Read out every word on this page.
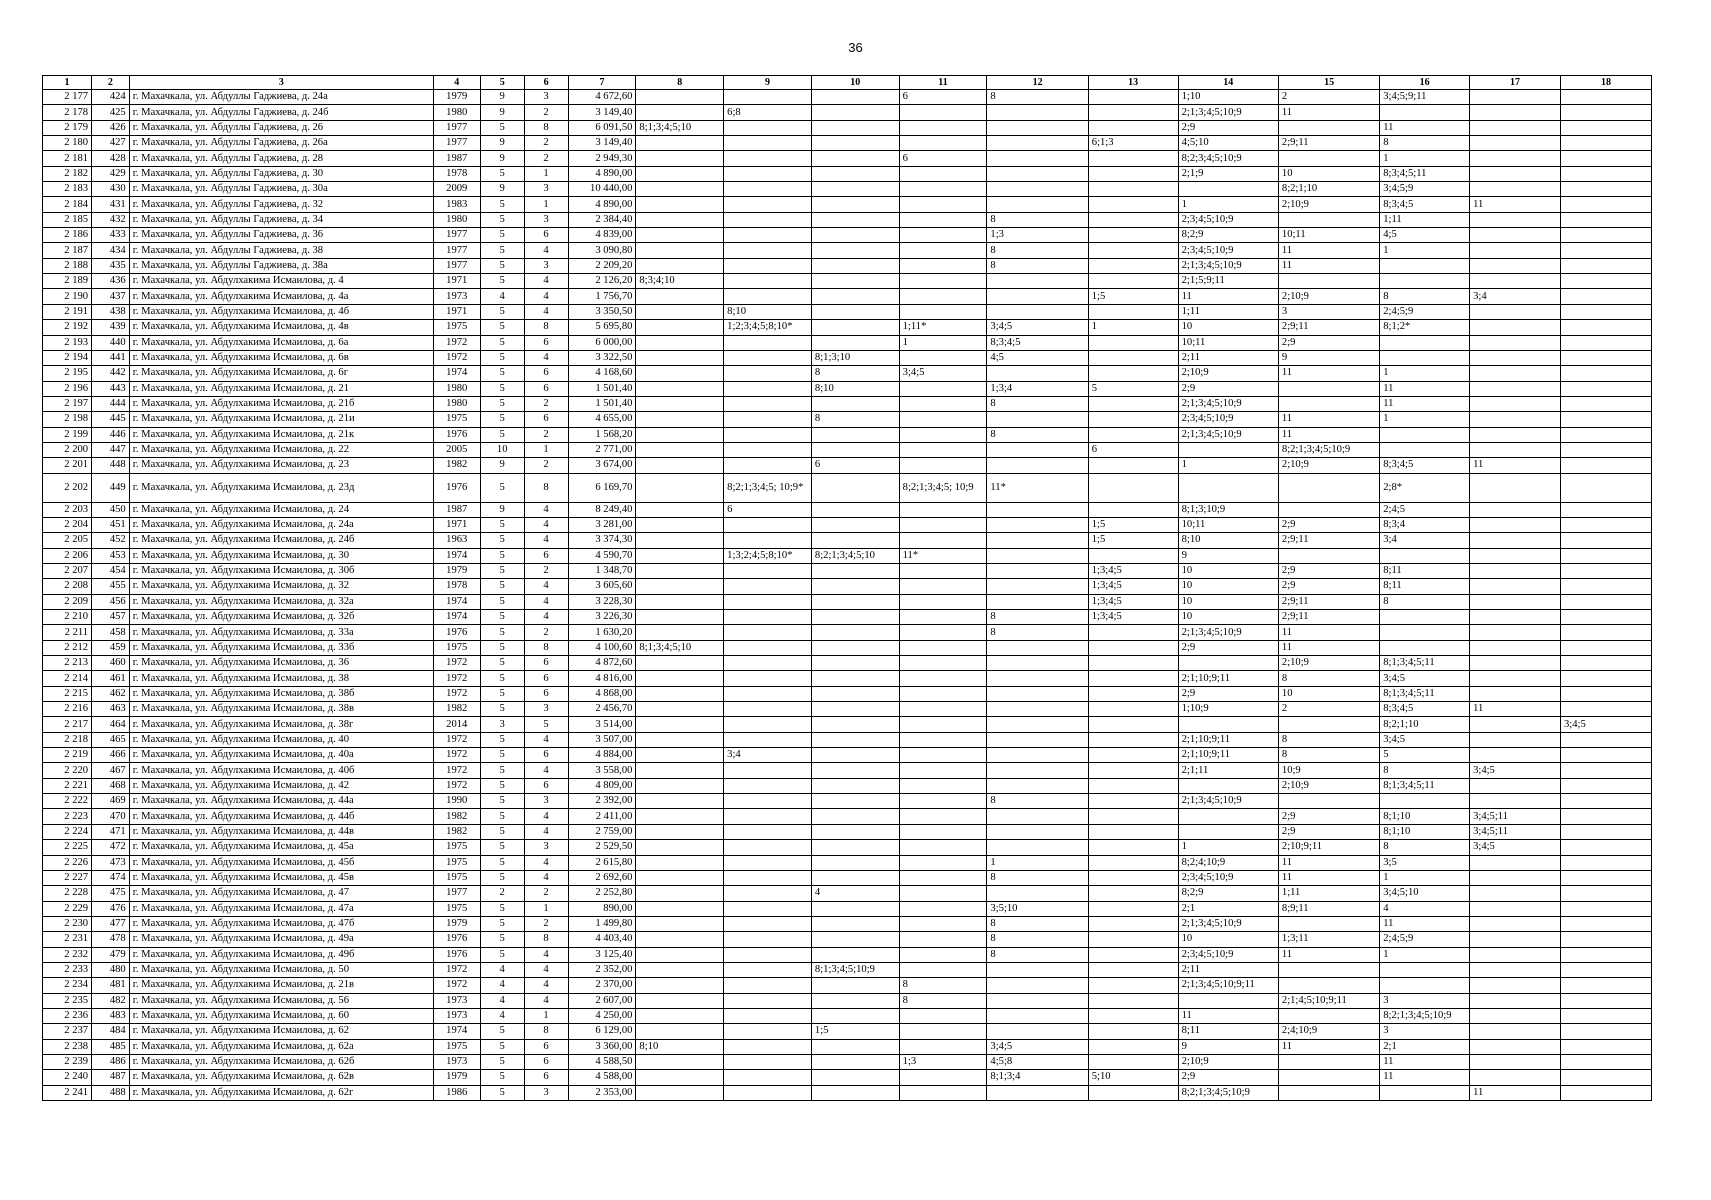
36
1	2	3	4	5	6	7	8	9	10	11	12	13	14	15	16	17	18
2 177	424	г. Махачкала, ул. Абдуллы Гаджиева, д. 24а	1979	9	3	4 672,60				6	8		1;10	2	3;4;5;9;11		
2 178	425	г. Махачкала, ул. Абдуллы Гаджиева, д. 24б	1980	9	2	3 149,40		6;8					2;1;3;4;5;10;9	11			
2 179	426	г. Махачкала, ул. Абдуллы Гаджиева, д. 26	1977	5	8	6 091,50	8;1;3;4;5;10						2;9		11		
2 180	427	г. Махачкала, ул. Абдуллы Гаджиева, д. 26а	1977	9	2	3 149,40						6;1;3	4;5;10	2;9;11	8		
2 181	428	г. Махачкала, ул. Абдуллы Гаджиева, д. 28	1987	9	2	2 949,30				6			8;2;3;4;5;10;9		1		
2 182	429	г. Махачкала, ул. Абдуллы Гаджиева, д. 30	1978	5	1	4 890,00							2;1;9	10	8;3;4;5;11		
2 183	430	г. Махачкала, ул. Абдуллы Гаджиева, д. 30а	2009	9	3	10 440,00								8;2;1;10	3;4;5;9		
2 184	431	г. Махачкала, ул. Абдуллы Гаджиева, д. 32	1983	5	1	4 890,00							1	2;10;9	8;3;4;5	11	
2 185	432	г. Махачкала, ул. Абдуллы Гаджиева, д. 34	1980	5	3	2 384,40					8		2;3;4;5;10;9		1;11		
2 186	433	г. Махачкала, ул. Абдуллы Гаджиева, д. 36	1977	5	6	4 839,00					1;3		8;2;9	10;11	4;5		
2 187	434	г. Махачкала, ул. Абдуллы Гаджиева, д. 38	1977	5	4	3 090,80					8		2;3;4;5;10;9	11	1		
2 188	435	г. Махачкала, ул. Абдуллы Гаджиева, д. 38а	1977	5	3	2 209,20					8		2;1;3;4;5;10;9	11			
2 189	436	г. Махачкала, ул. Абдулхакима Исмаилова, д. 4	1971	5	4	2 126,20	8;3;4;10						2;1;5;9;11				
2 190	437	г. Махачкала, ул. Абдулхакима Исмаилова, д. 4а	1973	4	4	1 756,70						1;5	11	2;10;9	8	3;4	
2 191	438	г. Махачкала, ул. Абдулхакима Исмаилова, д. 4б	1971	5	4	3 350,50		8;10					1;11	3	2;4;5;9		
2 192	439	г. Махачкала, ул. Абдулхакима Исмаилова, д. 4в	1975	5	8	5 695,80		1;2;3;4;5;8;10*		1;11*	3;4;5	1	10	2;9;11	8;1;2*		
2 193	440	г. Махачкала, ул. Абдулхакима Исмаилова, д. 6а	1972	5	6	6 000,00				1	8;3;4;5		10;11	2;9			
2 194	441	г. Махачкала, ул. Абдулхакима Исмаилова, д. 6в	1972	5	4	3 322,50			8;1;3;10		4;5		2;11	9			
2 195	442	г. Махачкала, ул. Абдулхакима Исмаилова, д. 6г	1974	5	6	4 168,60			8	3;4;5			2;10;9	11	1		
2 196	443	г. Махачкала, ул. Абдулхакима Исмаилова, д. 21	1980	5	6	1 501,40			8;10		1;3;4	5	2;9		11		
2 197	444	г. Махачкала, ул. Абдулхакима Исмаилова, д. 21б	1980	5	2	1 501,40					8		2;1;3;4;5;10;9		11		
2 198	445	г. Махачкала, ул. Абдулхакима Исмаилова, д. 21и	1975	5	6	4 655,00			8				2;3;4;5;10;9	11	1		
2 199	446	г. Махачкала, ул. Абдулхакима Исмаилова, д. 21к	1976	5	2	1 568,20					8		2;1;3;4;5;10;9	11			
2 200	447	г. Махачкала, ул. Абдулхакима Исмаилова, д. 22	2005	10	1	2 771,00						6		8;2;1;3;4;5;10;9			
2 201	448	г. Махачкала, ул. Абдулхакима Исмаилова, д. 23	1982	9	2	3 674,00			6				1	2;10;9	8;3;4;5	11	
2 202	449	г. Махачкала, ул. Абдулхакима Исмаилова, д. 23д	1976	5	8	6 169,70		8;2;1;3;4;5; 10;9*		8;2;1;3;4;5; 10;9	11*				2;8*		
2 203	450	г. Махачкала, ул. Абдулхакима Исмаилова, д. 24	1987	9	4	8 249,40		6					8;1;3;10;9		2;4;5		
2 204	451	г. Махачкала, ул. Абдулхакима Исмаилова, д. 24а	1971	5	4	3 281,00						1;5	10;11	2;9	8;3;4		
2 205	452	г. Махачкала, ул. Абдулхакима Исмаилова, д. 24б	1963	5	4	3 374,30						1;5	8;10	2;9;11	3;4		
2 206	453	г. Махачкала, ул. Абдулхакима Исмаилова, д. 30	1974	5	6	4 590,70		1;3;2;4;5;8;10*	8;2;1;3;4;5;10	11*			9				
2 207	454	г. Махачкала, ул. Абдулхакима Исмаилова, д. 30б	1979	5	2	1 348,70						1;3;4;5	10	2;9	8;11		
2 208	455	г. Махачкала, ул. Абдулхакима Исмаилова, д. 32	1978	5	4	3 605,60						1;3;4;5	10	2;9	8;11		
2 209	456	г. Махачкала, ул. Абдулхакима Исмаилова, д. 32а	1974	5	4	3 228,30						1;3;4;5	10	2;9;11	8		
2 210	457	г. Махачкала, ул. Абдулхакима Исмаилова, д. 32б	1974	5	4	3 226,30					8	1;3;4;5	10	2;9;11			
2 211	458	г. Махачкала, ул. Абдулхакима Исмаилова, д. 33а	1976	5	2	1 630,20					8		2;1;3;4;5;10;9	11			
2 212	459	г. Махачкала, ул. Абдулхакима Исмаилова, д. 33б	1975	5	8	4 100,60	8;1;3;4;5;10						2;9	11			
2 213	460	г. Махачкала, ул. Абдулхакима Исмаилова, д. 36	1972	5	6	4 872,60								2;10;9	8;1;3;4;5;11		
2 214	461	г. Махачкала, ул. Абдулхакима Исмаилова, д. 38	1972	5	6	4 816,00							2;1;10;9;11	8	3;4;5		
2 215	462	г. Махачкала, ул. Абдулхакима Исмаилова, д. 38б	1972	5	6	4 868,00							2;9	10	8;1;3;4;5;11		
2 216	463	г. Махачкала, ул. Абдулхакима Исмаилова, д. 38в	1982	5	3	2 456,70							1;10;9	2	8;3;4;5	11	
2 217	464	г. Махачкала, ул. Абдулхакима Исмаилова, д. 38г	2014	3	5	3 514,00									8;2;1;10		3;4;5
2 218	465	г. Махачкала, ул. Абдулхакима Исмаилова, д. 40	1972	5	4	3 507,00							2;1;10;9;11	8	3;4;5		
2 219	466	г. Махачкала, ул. Абдулхакима Исмаилова, д. 40а	1972	5	6	4 884,00		3;4					2;1;10;9;11	8	5		
2 220	467	г. Махачкала, ул. Абдулхакима Исмаилова, д. 40б	1972	5	4	3 558,00							2;1;11	10;9	8	3;4;5	
2 221	468	г. Махачкала, ул. Абдулхакима Исмаилова, д. 42	1972	5	6	4 809,00								2;10;9	8;1;3;4;5;11		
2 222	469	г. Махачкала, ул. Абдулхакима Исмаилова, д. 44а	1990	5	3	2 392,00					8		2;1;3;4;5;10;9				
2 223	470	г. Махачкала, ул. Абдулхакима Исмаилова, д. 44б	1982	5	4	2 411,00								2;9	8;1;10	3;4;5;11	
2 224	471	г. Махачкала, ул. Абдулхакима Исмаилова, д. 44в	1982	5	4	2 759,00								2;9	8;1;10	3;4;5;11	
2 225	472	г. Махачкала, ул. Абдулхакима Исмаилова, д. 45а	1975	5	3	2 529,50							1	2;10;9;11	8	3;4;5	
2 226	473	г. Махачкала, ул. Абдулхакима Исмаилова, д. 45б	1975	5	4	2 615,80					1		8;2;4;10;9	11	3;5		
2 227	474	г. Махачкала, ул. Абдулхакима Исмаилова, д. 45в	1975	5	4	2 692,60					8		2;3;4;5;10;9	11	1		
2 228	475	г. Махачкала, ул. Абдулхакима Исмаилова, д. 47	1977	2	2	2 252,80			4				8;2;9	1;11	3;4;5;10		
2 229	476	г. Махачкала, ул. Абдулхакима Исмаилова, д. 47а	1975	5	1	890,00					3;5;10		2;1	8;9;11	4		
2 230	477	г. Махачкала, ул. Абдулхакима Исмаилова, д. 47б	1979	5	2	1 499,80					8		2;1;3;4;5;10;9		11		
2 231	478	г. Махачкала, ул. Абдулхакима Исмаилова, д. 49а	1976	5	8	4 403,40					8		10	1;3;11	2;4;5;9		
2 232	479	г. Махачкала, ул. Абдулхакима Исмаилова, д. 49б	1976	5	4	3 125,40					8		2;3;4;5;10;9	11	1		
2 233	480	г. Махачкала, ул. Абдулхакима Исмаилова, д. 50	1972	4	4	2 352,00			8;1;3;4;5;10;9				2;11				
2 234	481	г. Махачкала, ул. Абдулхакима Исмаилова, д. 21в	1972	4	4	2 370,00				8			2;1;3;4;5;10;9;11				
2 235	482	г. Махачкала, ул. Абдулхакима Исмаилова, д. 56	1973	4	4	2 607,00				8				2;1;4;5;10;9;11	3		
2 236	483	г. Махачкала, ул. Абдулхакима Исмаилова, д. 60	1973	4	1	4 250,00							11		8;2;1;3;4;5;10;9		
2 237	484	г. Махачкала, ул. Абдулхакима Исмаилова, д. 62	1974	5	8	6 129,00			1;5				8;11	2;4;10;9	3		
2 238	485	г. Махачкала, ул. Абдулхакима Исмаилова, д. 62а	1975	5	6	3 360,00	8;10				3;4;5		9	11	2;1		
2 239	486	г. Махачкала, ул. Абдулхакима Исмаилова, д. 62б	1973	5	6	4 588,50				1;3	4;5;8		2;10;9		11		
2 240	487	г. Махачкала, ул. Абдулхакима Исмаилова, д. 62в	1979	5	6	4 588,00					8;1;3;4	5;10	2;9		11		
2 241	488	г. Махачкала, ул. Абдулхакима Исмаилова, д. 62г	1986	5	3	2 353,00							8;2;1;3;4;5;10;9			11	
